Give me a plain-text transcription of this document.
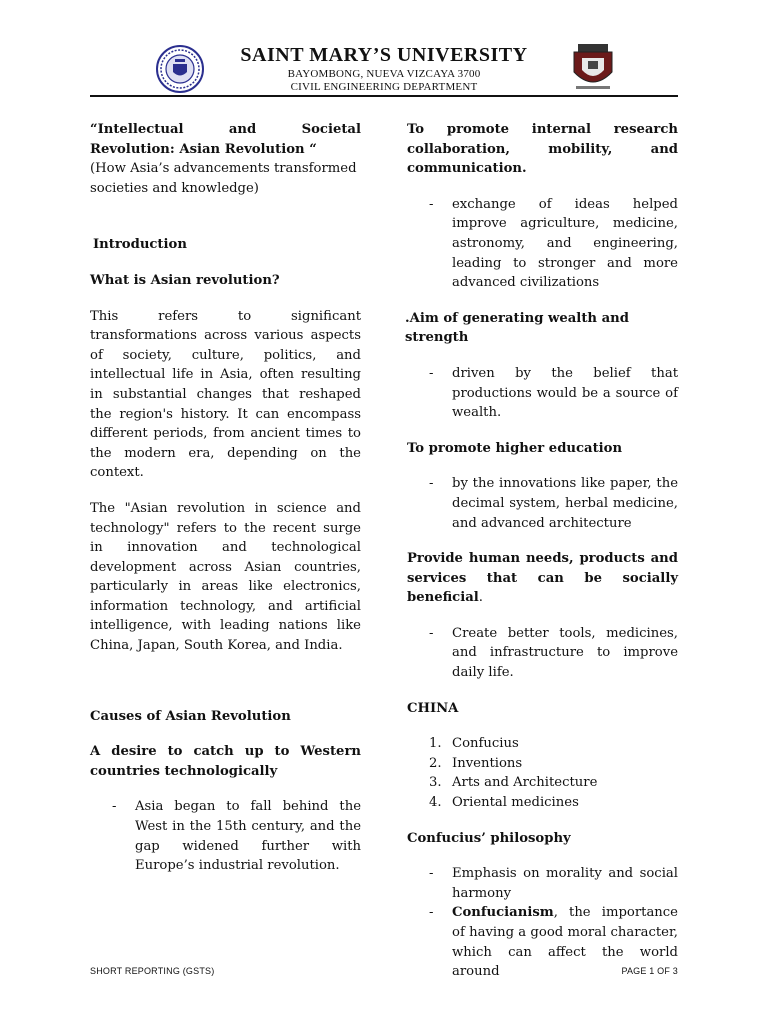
SAINT MARY’S UNIVERSITY
BAYOMBONG, NUEVA VIZCAYA 3700
CIVIL ENGINEERING DEPARTMENT

“Intellectual and Societal Revolution: Asian Revolution “

(How Asia’s advancements transformed societies and knowledge)

Introduction

What is Asian revolution?

This refers to significant transformations across various aspects of society, culture, politics, and intellectual life in Asia, often resulting in substantial changes that reshaped the region's history. It can encompass different periods, from ancient times to the modern era, depending on the context.

The "Asian revolution in science and technology" refers to the recent surge in innovation and technological development across Asian countries, particularly in areas like electronics, information technology, and artificial intelligence, with leading nations like China, Japan, South Korea, and India.

Causes of Asian Revolution

A desire to catch up to Western countries technologically

- Asia began to fall behind the West in the 15th century, and the gap widened further with Europe’s industrial revolution.

To promote internal research collaboration, mobility, and communication.

- exchange of ideas helped improve agriculture, medicine, astronomy, and engineering, leading to stronger and more advanced civilizations

.Aim of generating wealth and strength

- driven by the belief that productions would be a source of wealth.

To promote higher education

- by the innovations like paper, the decimal system, herbal medicine, and advanced architecture

Provide human needs, products and services that can be socially beneficial.

- Create better tools, medicines, and infrastructure to improve daily life.

CHINA

1. Confucius
2. Inventions
3. Arts and Architecture
4. Oriental medicines

Confucius’ philosophy

- Emphasis on morality and social harmony
- Confucianism, the importance of having a good moral character, which can affect the world around
SHORT REPORTING (GSTS)	PAGE 1 OF 3
